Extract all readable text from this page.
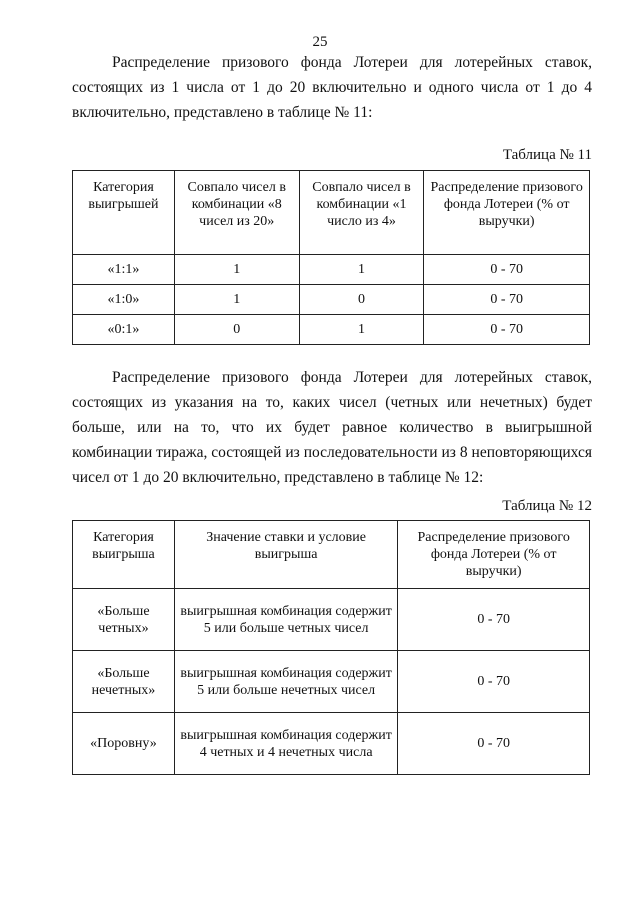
25

Распределение призового фонда Лотереи для лотерейных ставок, состоящих из 1 числа от 1 до 20 включительно и одного числа от 1 до 4 включительно, представлено в таблице № 11:

Таблица № 11
Категория выигрышей	Совпало чисел в комбинации «8 чисел из 20»	Совпало чисел в комбинации «1 число из 4»	Распределение призового фонда Лотереи (% от выручки)
«1:1»	1	1	0 - 70
«1:0»	1	0	0 - 70
«0:1»	0	1	0 - 70

Распределение призового фонда Лотереи для лотерейных ставок, состоящих из указания на то, каких чисел (четных или нечетных) будет больше, или на то, что их будет равное количество в выигрышной комбинации тиража, состоящей из последовательности из 8 неповторяющихся чисел от 1 до 20 включительно, представлено в таблице № 12:

Таблица № 12
Категория выигрыша	Значение ставки и условие выигрыша	Распределение призового фонда Лотереи (% от выручки)
«Больше четных»	выигрышная комбинация содержит 5 или больше четных чисел	0 - 70
«Больше нечетных»	выигрышная комбинация содержит 5 или больше нечетных чисел	0 - 70
«Поровну»	выигрышная комбинация содержит 4 четных и 4 нечетных числа	0 - 70
